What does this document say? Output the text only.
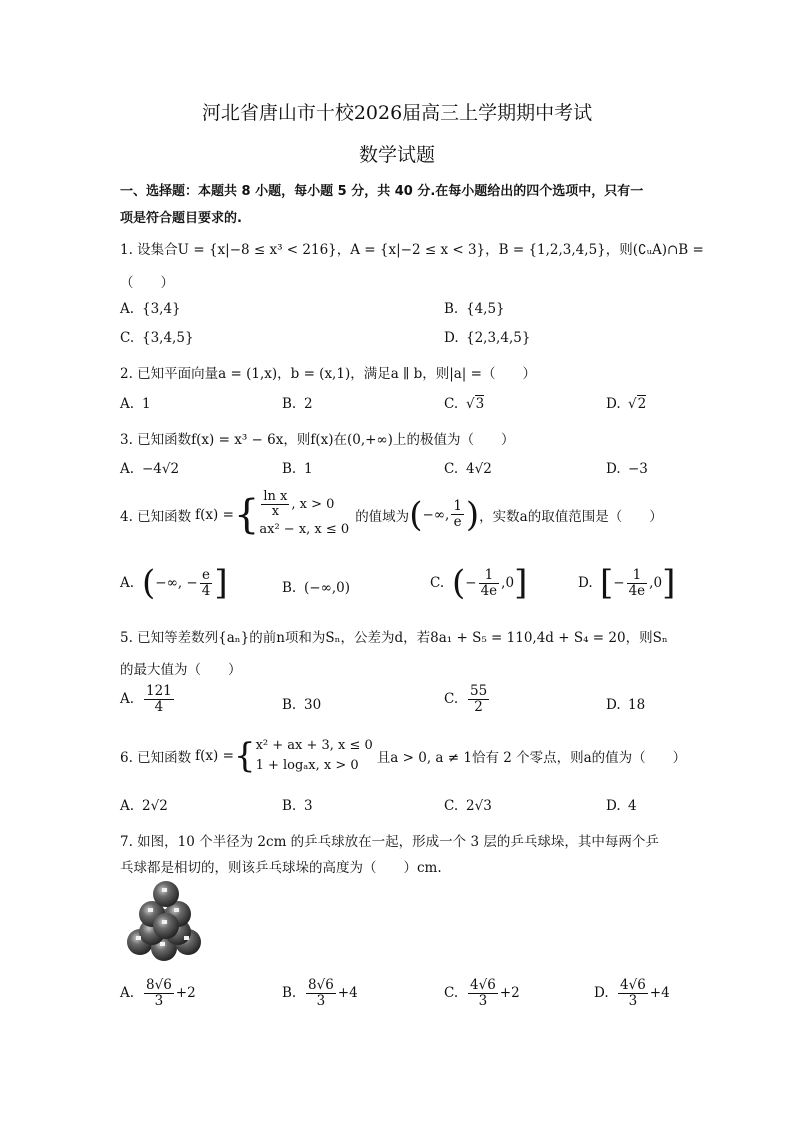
河北省唐山市十校2026届高三上学期期中考试
数学试题
一、选择题：本题共 8 小题，每小题 5 分，共 40 分.在每小题给出的四个选项中，只有一
项是符合题目要求的.
1. 设集合U = {x|−8 ≤ x³ < 216}，A = {x|−2 ≤ x < 3}，B = {1,2,3,4,5}，则(∁ᵤA)∩B =
（　　）
A. {3,4}	B. {4,5}
C. {3,4,5}	D. {2,3,4,5}
2. 已知平面向量a = (1,x)，b = (x,1)，满足a ∥ b，则|a| =（　　）
A. 1	B. 2	C. √3	D. √2
3. 已知函数f(x) = x³ − 6x，则f(x)在(0,+∞)上的极值为（　　）
A. −4√2	B. 1	C. 4√2	D. −3
4. 已知函数 f(x) = { $\frac{\text{ln x}}{x}$ , x > 0
ax² − x, x ≤ 0
的值域为 ( −∞, $\frac{1}{e}$ ) ，实数a的取值范围是（　　）
A. ( −∞, − $\frac{e}{4}$ ]	B. (−∞,0)	C. ( − $\frac{1}{4e} ,0$ ]	D. [ − $\frac{1}{4e} ,0$ ]
5. 已知等差数列{aₙ}的前n项和为Sₙ，公差为d，若8a₁ + S₅ = 110,4d + S₄ = 20，则Sₙ
的最大值为（　　）
A. $\frac{121}{4}$	B. 30	C. $\frac{55}{2}$	D. 18
6. 已知函数 f(x) = { x² + ax + 3, x ≤ 0
1 + logₐx, x > 0	且a > 0, a ≠ 1恰有 2 个零点，则a的值为（　　）
A. 2√2	B. 3	C. 2√3	D. 4
7. 如图，10 个半径为 2cm 的乒乓球放在一起，形成一个 3 层的乒乓球垛，其中每两个乒
乓球都是相切的，则该乒乓球垛的高度为（　　）cm.
A. $\frac{8√6}{3} +2$	B. $\frac{8√6}{3} +4$	C. $\frac{4√6}{3} +2$	D. $\frac{4√6}{3} +4$
